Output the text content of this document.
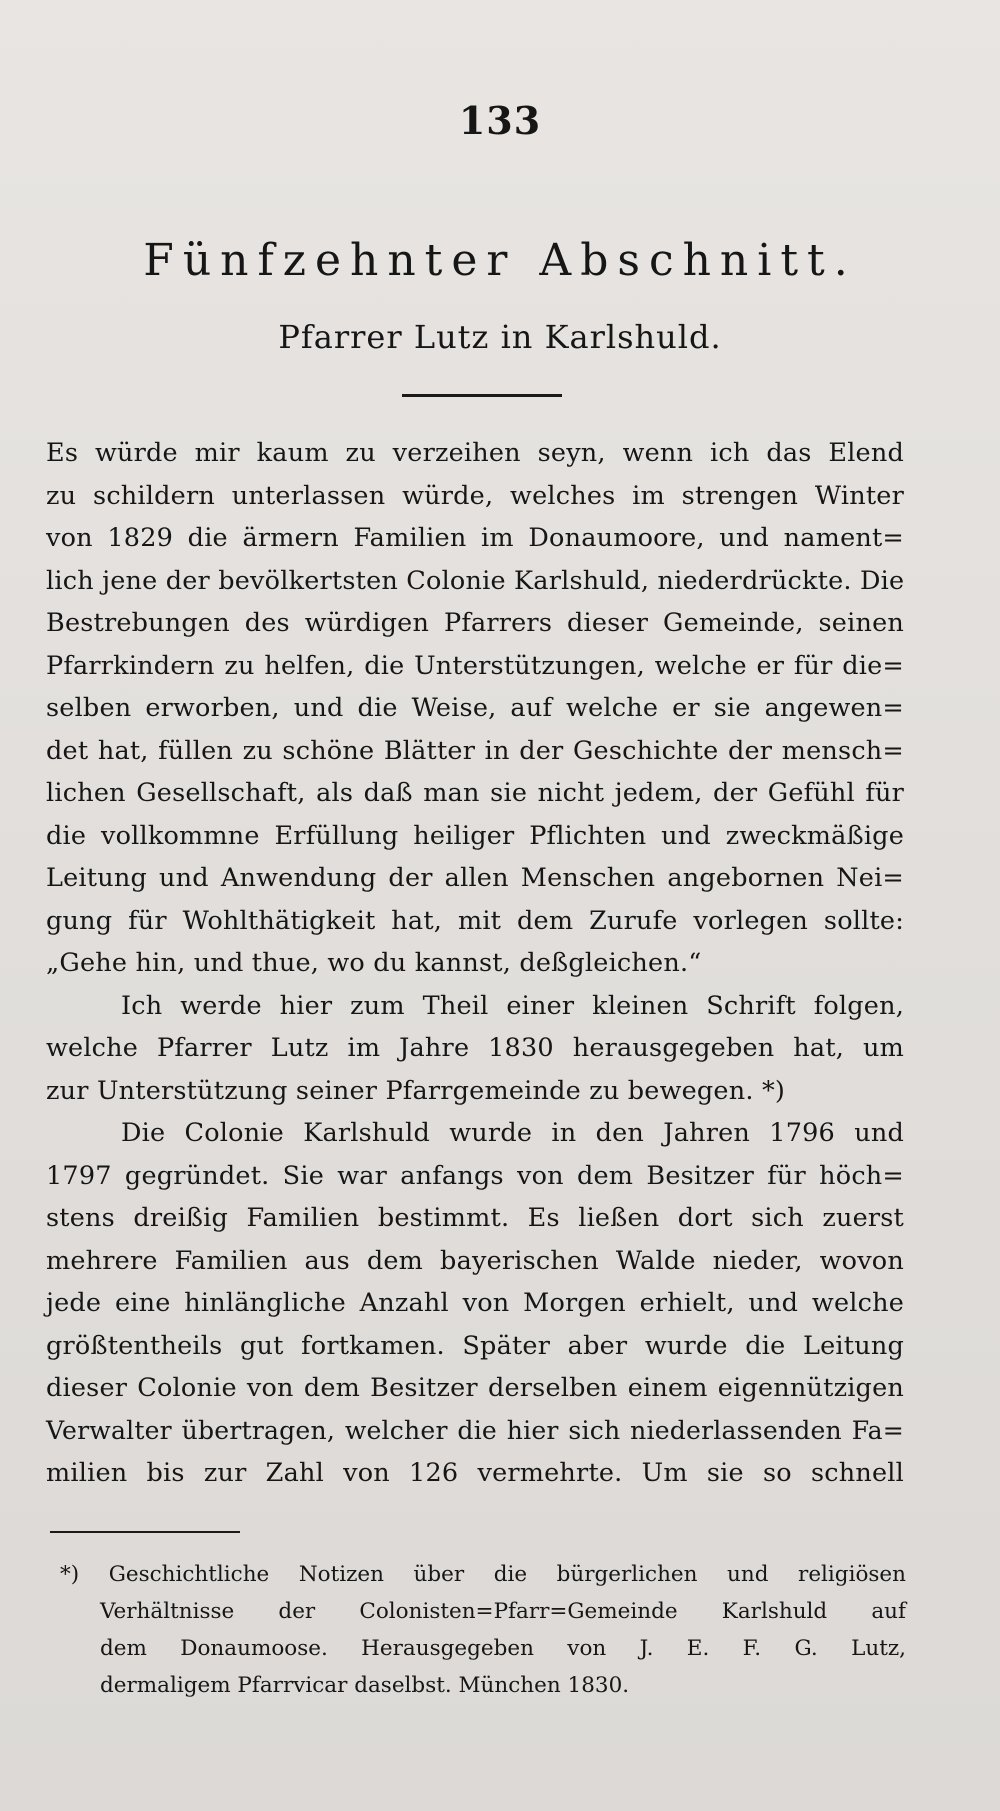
133
Fünfzehnter Abschnitt.
Pfarrer Lutz in Karlshuld.
Es würde mir kaum zu verzeihen seyn, wenn ich das Elend
zu schildern unterlassen würde, welches im strengen Winter
von 1829 die ärmern Familien im Donaumoore, und nament=
lich jene der bevölkertsten Colonie Karlshuld, niederdrückte. Die
Bestrebungen des würdigen Pfarrers dieser Gemeinde, seinen
Pfarrkindern zu helfen, die Unterstützungen, welche er für die=
selben erworben, und die Weise, auf welche er sie angewen=
det hat, füllen zu schöne Blätter in der Geschichte der mensch=
lichen Gesellschaft, als daß man sie nicht jedem, der Gefühl für
die vollkommne Erfüllung heiliger Pflichten und zweckmäßige
Leitung und Anwendung der allen Menschen angebornen Nei=
gung für Wohlthätigkeit hat, mit dem Zurufe vorlegen sollte:
„Gehe hin, und thue, wo du kannst, deßgleichen.“
Ich werde hier zum Theil einer kleinen Schrift folgen,
welche Pfarrer Lutz im Jahre 1830 herausgegeben hat, um
zur Unterstützung seiner Pfarrgemeinde zu bewegen. *)
Die Colonie Karlshuld wurde in den Jahren 1796 und
1797 gegründet. Sie war anfangs von dem Besitzer für höch=
stens dreißig Familien bestimmt. Es ließen dort sich zuerst
mehrere Familien aus dem bayerischen Walde nieder, wovon
jede eine hinlängliche Anzahl von Morgen erhielt, und welche
größtentheils gut fortkamen. Später aber wurde die Leitung
dieser Colonie von dem Besitzer derselben einem eigennützigen
Verwalter übertragen, welcher die hier sich niederlassenden Fa=
milien bis zur Zahl von 126 vermehrte. Um sie so schnell
*) Geschichtliche Notizen über die bürgerlichen und religiösen
Verhältnisse der Colonisten=Pfarr=Gemeinde Karlshuld auf
dem Donaumoose. Herausgegeben von J. E. F. G. Lutz,
dermaligem Pfarrvicar daselbst. München 1830.
